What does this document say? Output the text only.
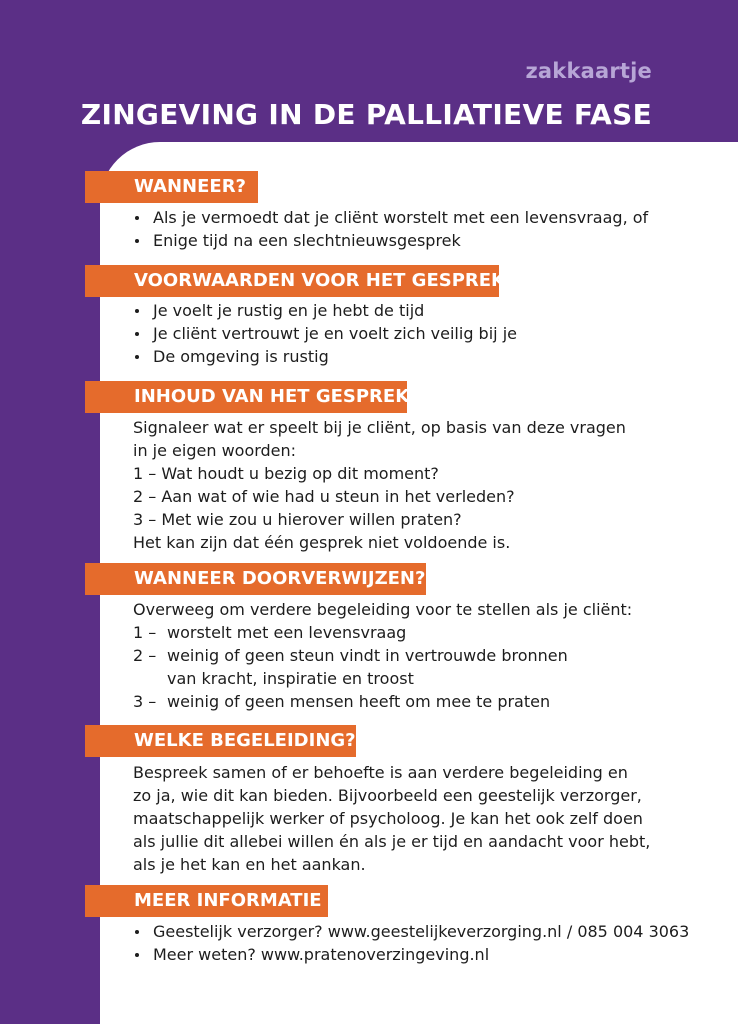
zakkaartje
ZINGEVING IN DE PALLIATIEVE FASE
WANNEER?
Als je vermoedt dat je cliënt worstelt met een levensvraag, of
Enige tijd na een slechtnieuwsgesprek
VOORWAARDEN VOOR HET GESPREK
Je voelt je rustig en je hebt de tijd
Je cliënt vertrouwt je en voelt zich veilig bij je
De omgeving is rustig
INHOUD VAN HET GESPREK
Signaleer wat er speelt bij je cliënt, op basis van deze vragen
in je eigen woorden:
1 – Wat houdt u bezig op dit moment?
2 – Aan wat of wie had u steun in het verleden?
3 – Met wie zou u hierover willen praten?
Het kan zijn dat één gesprek niet voldoende is.
WANNEER DOORVERWIJZEN?
Overweeg om verdere begeleiding voor te stellen als je cliënt:
1 – worstelt met een levensvraag
2 – weinig of geen steun vindt in vertrouwde bronnen
van kracht, inspiratie en troost
3 – weinig of geen mensen heeft om mee te praten
WELKE BEGELEIDING?
Bespreek samen of er behoefte is aan verdere begeleiding en
zo ja, wie dit kan bieden. Bijvoorbeeld een geestelijk verzorger,
maatschappelijk werker of psycholoog. Je kan het ook zelf doen
als jullie dit allebei willen én als je er tijd en aandacht voor hebt,
als je het kan en het aankan.
MEER INFORMATIE
Geestelijk verzorger? www.geestelijkeverzorging.nl / 085 004 3063
Meer weten? www.pratenoverzingeving.nl
